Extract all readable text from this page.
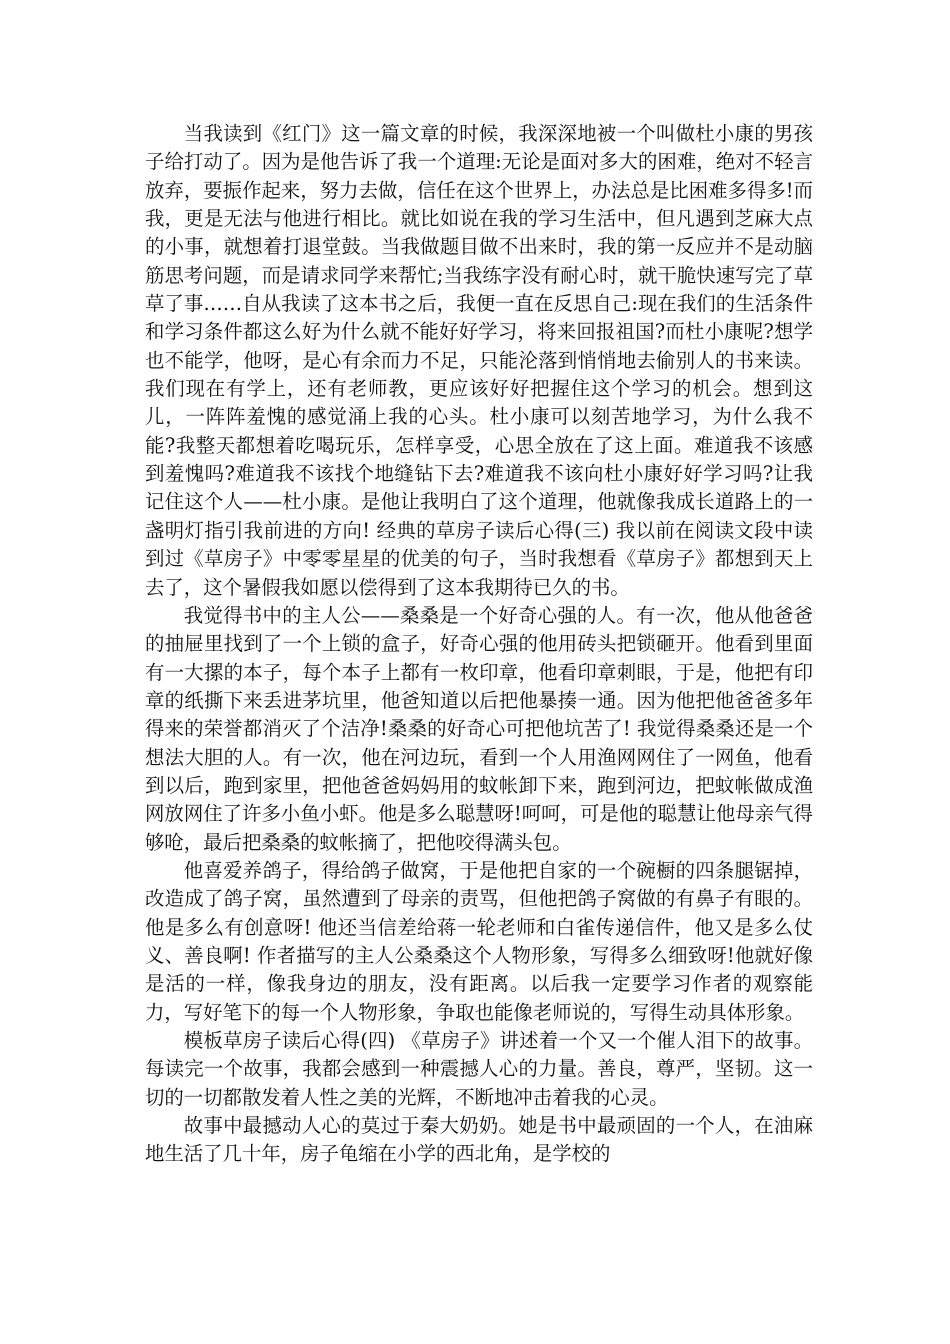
当我读到《红门》这一篇文章的时候，我深深地被一个叫做杜小康的男孩子给打动了。因为是他告诉了我一个道理:无论是面对多大的困难，绝对不轻言放弃，要振作起来，努力去做，信任在这个世界上，办法总是比困难多得多!而我，更是无法与他进行相比。就比如说在我的学习生活中，但凡遇到芝麻大点的小事，就想着打退堂鼓。当我做题目做不出来时，我的第一反应并不是动脑筋思考问题，而是请求同学来帮忙;当我练字没有耐心时，就干脆快速写完了草草了事……自从我读了这本书之后，我便一直在反思自己:现在我们的生活条件和学习条件都这么好为什么就不能好好学习，将来回报祖国?而杜小康呢?想学也不能学，他呀，是心有余而力不足，只能沦落到悄悄地去偷别人的书来读。我们现在有学上，还有老师教，更应该好好把握住这个学习的机会。想到这儿，一阵阵羞愧的感觉涌上我的心头。杜小康可以刻苦地学习，为什么我不能?我整天都想着吃喝玩乐，怎样享受，心思全放在了这上面。难道我不该感到羞愧吗?难道我不该找个地缝钻下去?难道我不该向杜小康好好学习吗?让我记住这个人——杜小康。是他让我明白了这个道理，他就像我成长道路上的一盏明灯指引我前进的方向! 经典的草房子读后心得(三) 我以前在阅读文段中读到过《草房子》中零零星星的优美的句子，当时我想看《草房子》都想到天上去了，这个暑假我如愿以偿得到了这本我期待已久的书。

我觉得书中的主人公——桑桑是一个好奇心强的人。有一次，他从他爸爸的抽屉里找到了一个上锁的盒子，好奇心强的他用砖头把锁砸开。他看到里面有一大摞的本子，每个本子上都有一枚印章，他看印章刺眼，于是，他把有印章的纸撕下来丢进茅坑里，他爸知道以后把他暴揍一通。因为他把他爸爸多年得来的荣誉都消灭了个洁净!桑桑的好奇心可把他坑苦了! 我觉得桑桑还是一个想法大胆的人。有一次，他在河边玩，看到一个人用渔网网住了一网鱼，他看到以后，跑到家里，把他爸爸妈妈用的蚊帐卸下来，跑到河边，把蚊帐做成渔网放网住了许多小鱼小虾。他是多么聪慧呀!呵呵，可是他的聪慧让他母亲气得够呛，最后把桑桑的蚊帐摘了，把他咬得满头包。

他喜爱养鸽子，得给鸽子做窝，于是他把自家的一个碗橱的四条腿锯掉，改造成了鸽子窝，虽然遭到了母亲的责骂，但他把鸽子窝做的有鼻子有眼的。他是多么有创意呀! 他还当信差给蒋一轮老师和白雀传递信件，他又是多么仗义、善良啊! 作者描写的主人公桑桑这个人物形象，写得多么细致呀!他就好像是活的一样，像我身边的朋友，没有距离。以后我一定要学习作者的观察能力，写好笔下的每一个人物形象，争取也能像老师说的，写得生动具体形象。

模板草房子读后心得(四) 《草房子》讲述着一个又一个催人泪下的故事。每读完一个故事，我都会感到一种震撼人心的力量。善良，尊严，坚韧。这一切的一切都散发着人性之美的光辉，不断地冲击着我的心灵。

故事中最撼动人心的莫过于秦大奶奶。她是书中最顽固的一个人，在油麻地生活了几十年，房子龟缩在小学的西北角，是学校的
